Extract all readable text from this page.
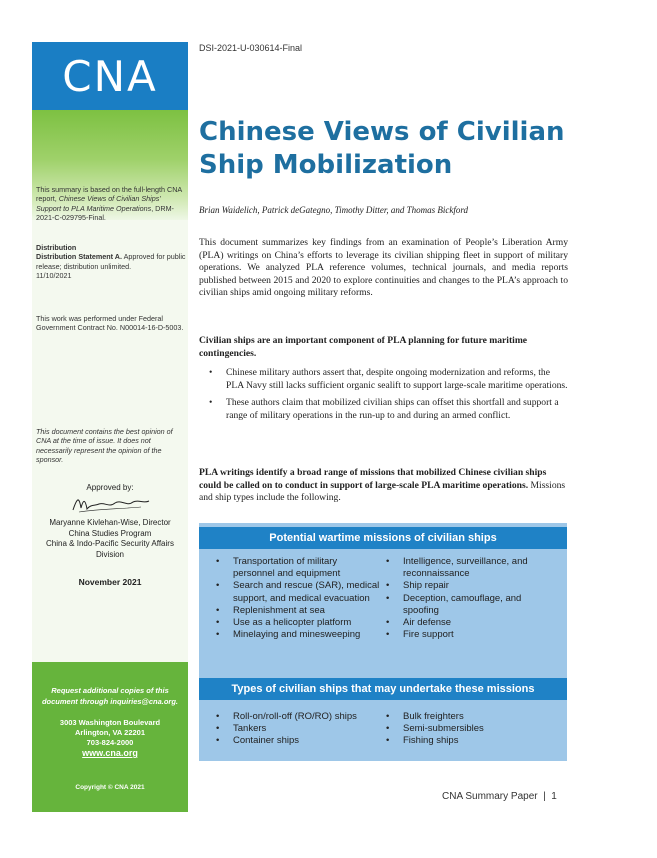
CNA
This summary is based on the full-length CNA report, Chinese Views of Civilian Ships’ Support to PLA Maritime Operations, DRM-2021-C-029795-Final.
Distribution
Distribution Statement A. Approved for public release; distribution unlimited.
11/10/2021
This work was performed under Federal Government Contract No. N00014-16-D-5003.
This document contains the best opinion of CNA at the time of issue. It does not necessarily represent the opinion of the sponsor.
Approved by:
Maryanne Kivlehan-Wise, Director
China Studies Program
China & Indo-Pacific Security Affairs
Division
November 2021
Request additional copies of this document through inquiries@cna.org.
3003 Washington Boulevard
Arlington, VA 22201
703-824-2000
www.cna.org
Copyright © CNA 2021
DSI-2021-U-030614-Final
Chinese Views of Civilian
Ship Mobilization
Brian Waidelich, Patrick deGategno, Timothy Ditter, and Thomas Bickford
This document summarizes key findings from an examination of People’s Liberation Army (PLA) writings on China’s efforts to leverage its civilian shipping fleet in support of military operations. We analyzed PLA reference volumes, technical journals, and media reports published between 2015 and 2020 to explore continuities and changes to the PLA’s approach to civilian ships amid ongoing military reforms.
Civilian ships are an important component of PLA planning for future maritime contingencies.
• Chinese military authors assert that, despite ongoing modernization and reforms, the PLA Navy still lacks sufficient organic sealift to support large-scale maritime operations.
• These authors claim that mobilized civilian ships can offset this shortfall and support a range of military operations in the run-up to and during an armed conflict.
PLA writings identify a broad range of missions that mobilized Chinese civilian ships could be called on to conduct in support of large-scale PLA maritime operations. Missions and ship types include the following.
Potential wartime missions of civilian ships
• Transportation of military personnel and equipment
• Search and rescue (SAR), medical support, and medical evacuation
• Replenishment at sea
• Use as a helicopter platform
• Minelaying and minesweeping
• Intelligence, surveillance, and reconnaissance
• Ship repair
• Deception, camouflage, and spoofing
• Air defense
• Fire support
Types of civilian ships that may undertake these missions
• Roll-on/roll-off (RO/RO) ships
• Tankers
• Container ships
• Bulk freighters
• Semi-submersibles
• Fishing ships
CNA Summary Paper  |  1
